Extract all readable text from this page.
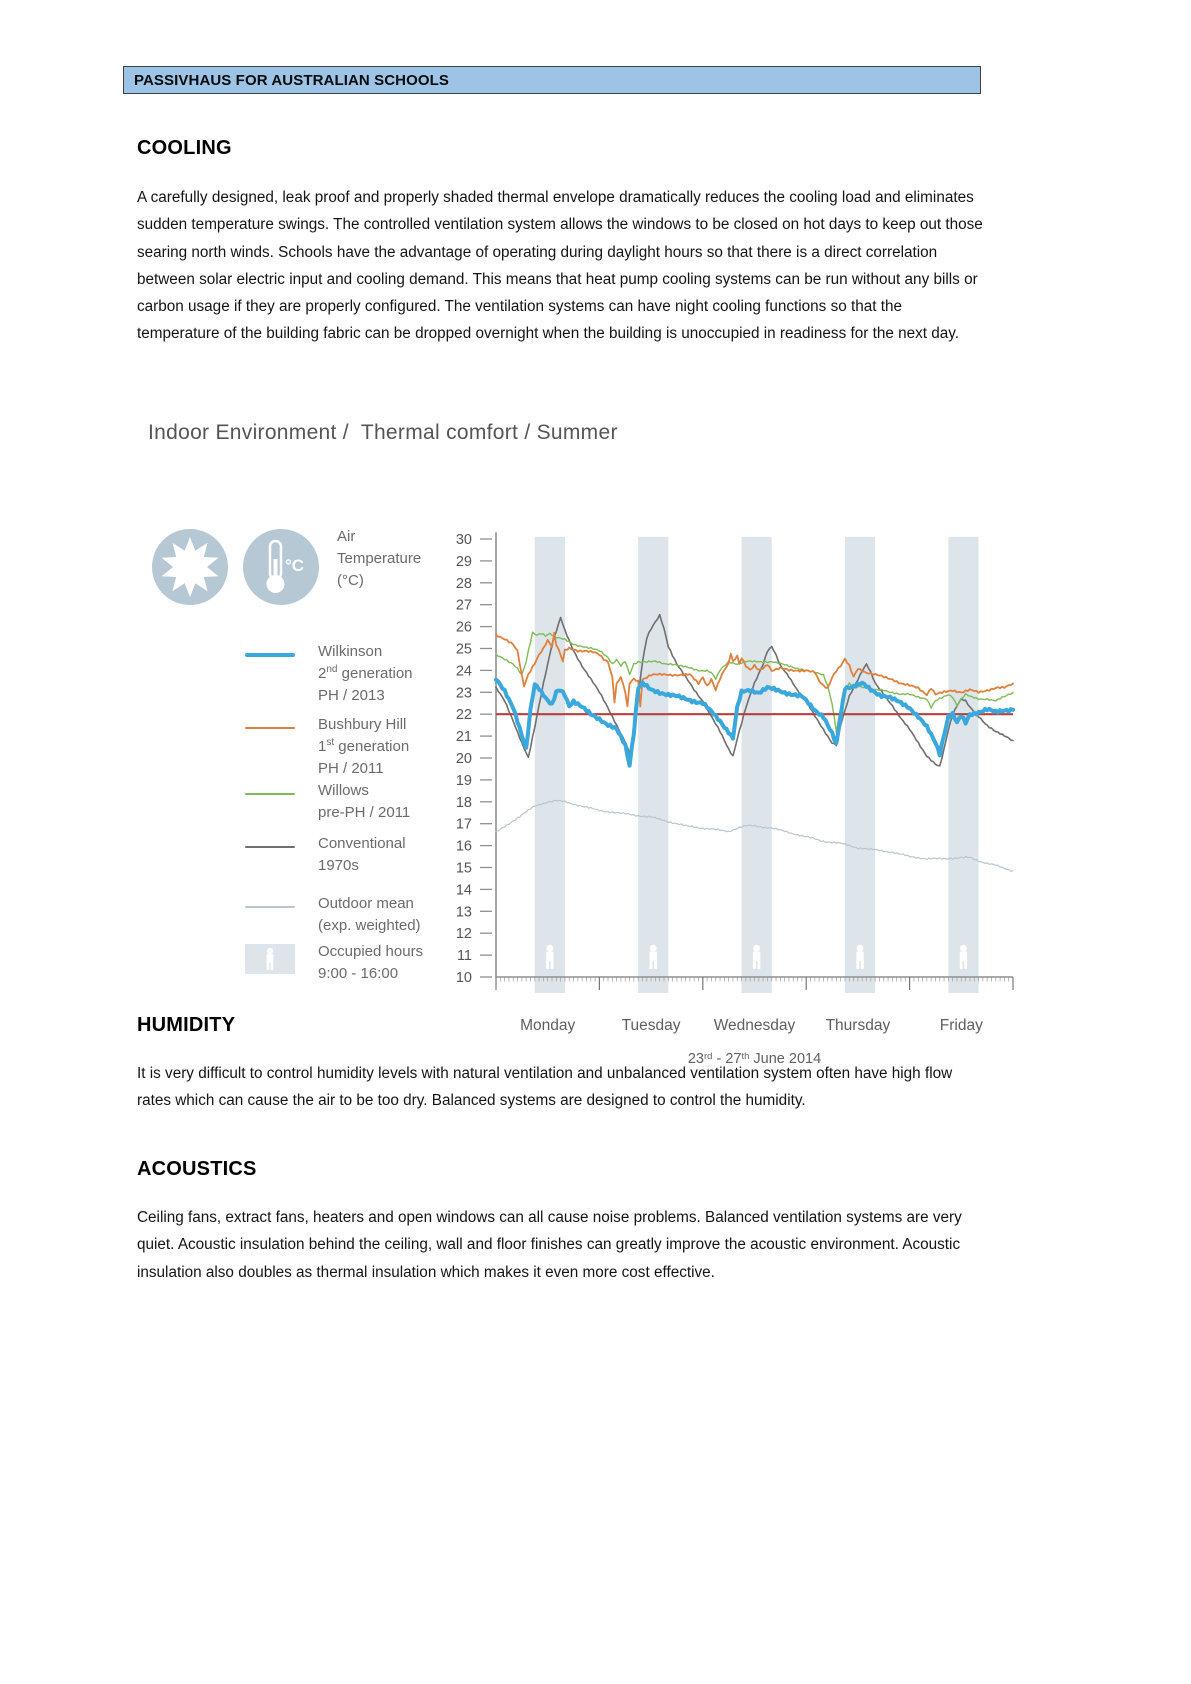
PASSIVHAUS FOR AUSTRALIAN SCHOOLS
COOLING
A carefully designed, leak proof and properly shaded thermal envelope dramatically reduces the cooling load and eliminates sudden temperature swings. The controlled ventilation system allows the windows to be closed on hot days to keep out those searing north winds. Schools have the advantage of operating during daylight hours so that there is a direct correlation between solar electric input and cooling demand. This means that heat pump cooling systems can be run without any bills or carbon usage if they are properly configured. The ventilation systems can have night cooling functions so that the temperature of the building fabric can be dropped overnight when the building is unoccupied in readiness for the next day.
Indoor Environment /  Thermal comfort / Summer
°C
Air
Temperature
(°C)
Wilkinson
2nd generation
PH / 2013
Bushbury Hill
1st generation
PH / 2011
Willows
pre-PH / 2011
Conventional
1970s
Outdoor mean
(exp. weighted)
Occupied hours
9:00 - 16:00	10
11
12
13
14
15
16
17
18
19
20
21
22
23
24
25
26
27
28
29
30
Monday	Tuesday Wednesday Thursday	Friday
23rd - 27th June 2014
HUMIDITY
It is very difficult to control humidity levels with natural ventilation and unbalanced ventilation system often have high flow rates which can cause the air to be too dry. Balanced systems are designed to control the humidity.
ACOUSTICS
Ceiling fans, extract fans, heaters and open windows can all cause noise problems. Balanced ventilation systems are very quiet. Acoustic insulation behind the ceiling, wall and floor finishes can greatly improve the acoustic environment. Acoustic insulation also doubles as thermal insulation which makes it even more cost effective.
